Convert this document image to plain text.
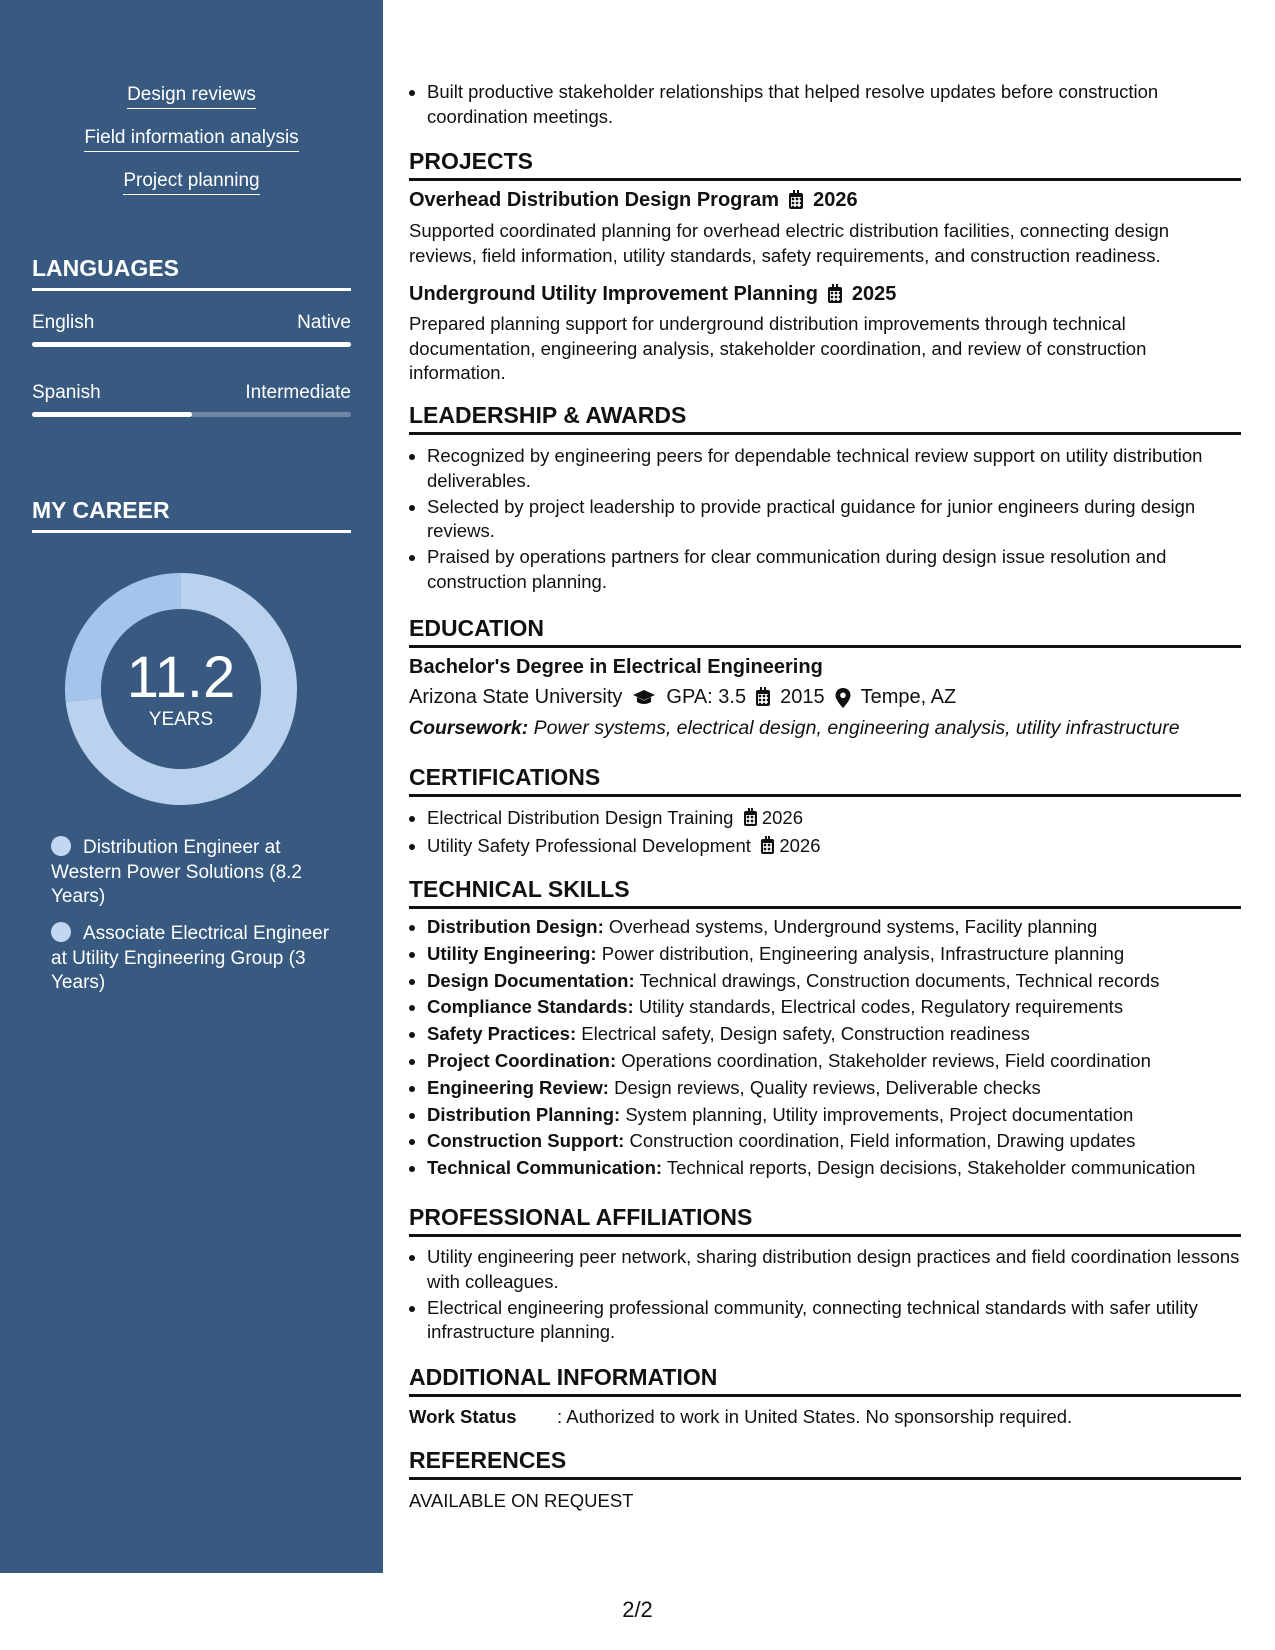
Design reviews
Field information analysis
Project planning
LANGUAGES
English	Native
Spanish	Intermediate
MY CAREER
11.2
YEARS
Distribution Engineer at Western Power Solutions (8.2 Years)
Associate Electrical Engineer at Utility Engineering Group (3 Years)
• Built productive stakeholder relationships that helped resolve updates before construction coordination meetings.
PROJECTS
Overhead Distribution Design Program 2026
Supported coordinated planning for overhead electric distribution facilities, connecting design reviews, field information, utility standards, safety requirements, and construction readiness.
Underground Utility Improvement Planning 2025
Prepared planning support for underground distribution improvements through technical documentation, engineering analysis, stakeholder coordination, and review of construction information.
LEADERSHIP & AWARDS
• Recognized by engineering peers for dependable technical review support on utility distribution deliverables.
• Selected by project leadership to provide practical guidance for junior engineers during design reviews.
• Praised by operations partners for clear communication during design issue resolution and construction planning.
EDUCATION
Bachelor's Degree in Electrical Engineering
Arizona State University GPA: 3.5 2015 Tempe, AZ
Coursework: Power systems, electrical design, engineering analysis, utility infrastructure
CERTIFICATIONS
• Electrical Distribution Design Training 2026
• Utility Safety Professional Development 2026
TECHNICAL SKILLS
• Distribution Design: Overhead systems, Underground systems, Facility planning
• Utility Engineering: Power distribution, Engineering analysis, Infrastructure planning
• Design Documentation: Technical drawings, Construction documents, Technical records
• Compliance Standards: Utility standards, Electrical codes, Regulatory requirements
• Safety Practices: Electrical safety, Design safety, Construction readiness
• Project Coordination: Operations coordination, Stakeholder reviews, Field coordination
• Engineering Review: Design reviews, Quality reviews, Deliverable checks
• Distribution Planning: System planning, Utility improvements, Project documentation
• Construction Support: Construction coordination, Field information, Drawing updates
• Technical Communication: Technical reports, Design decisions, Stakeholder communication
PROFESSIONAL AFFILIATIONS
• Utility engineering peer network, sharing distribution design practices and field coordination lessons with colleagues.
• Electrical engineering professional community, connecting technical standards with safer utility infrastructure planning.
ADDITIONAL INFORMATION
Work Status : Authorized to work in United States. No sponsorship required.
REFERENCES
AVAILABLE ON REQUEST
2/2
